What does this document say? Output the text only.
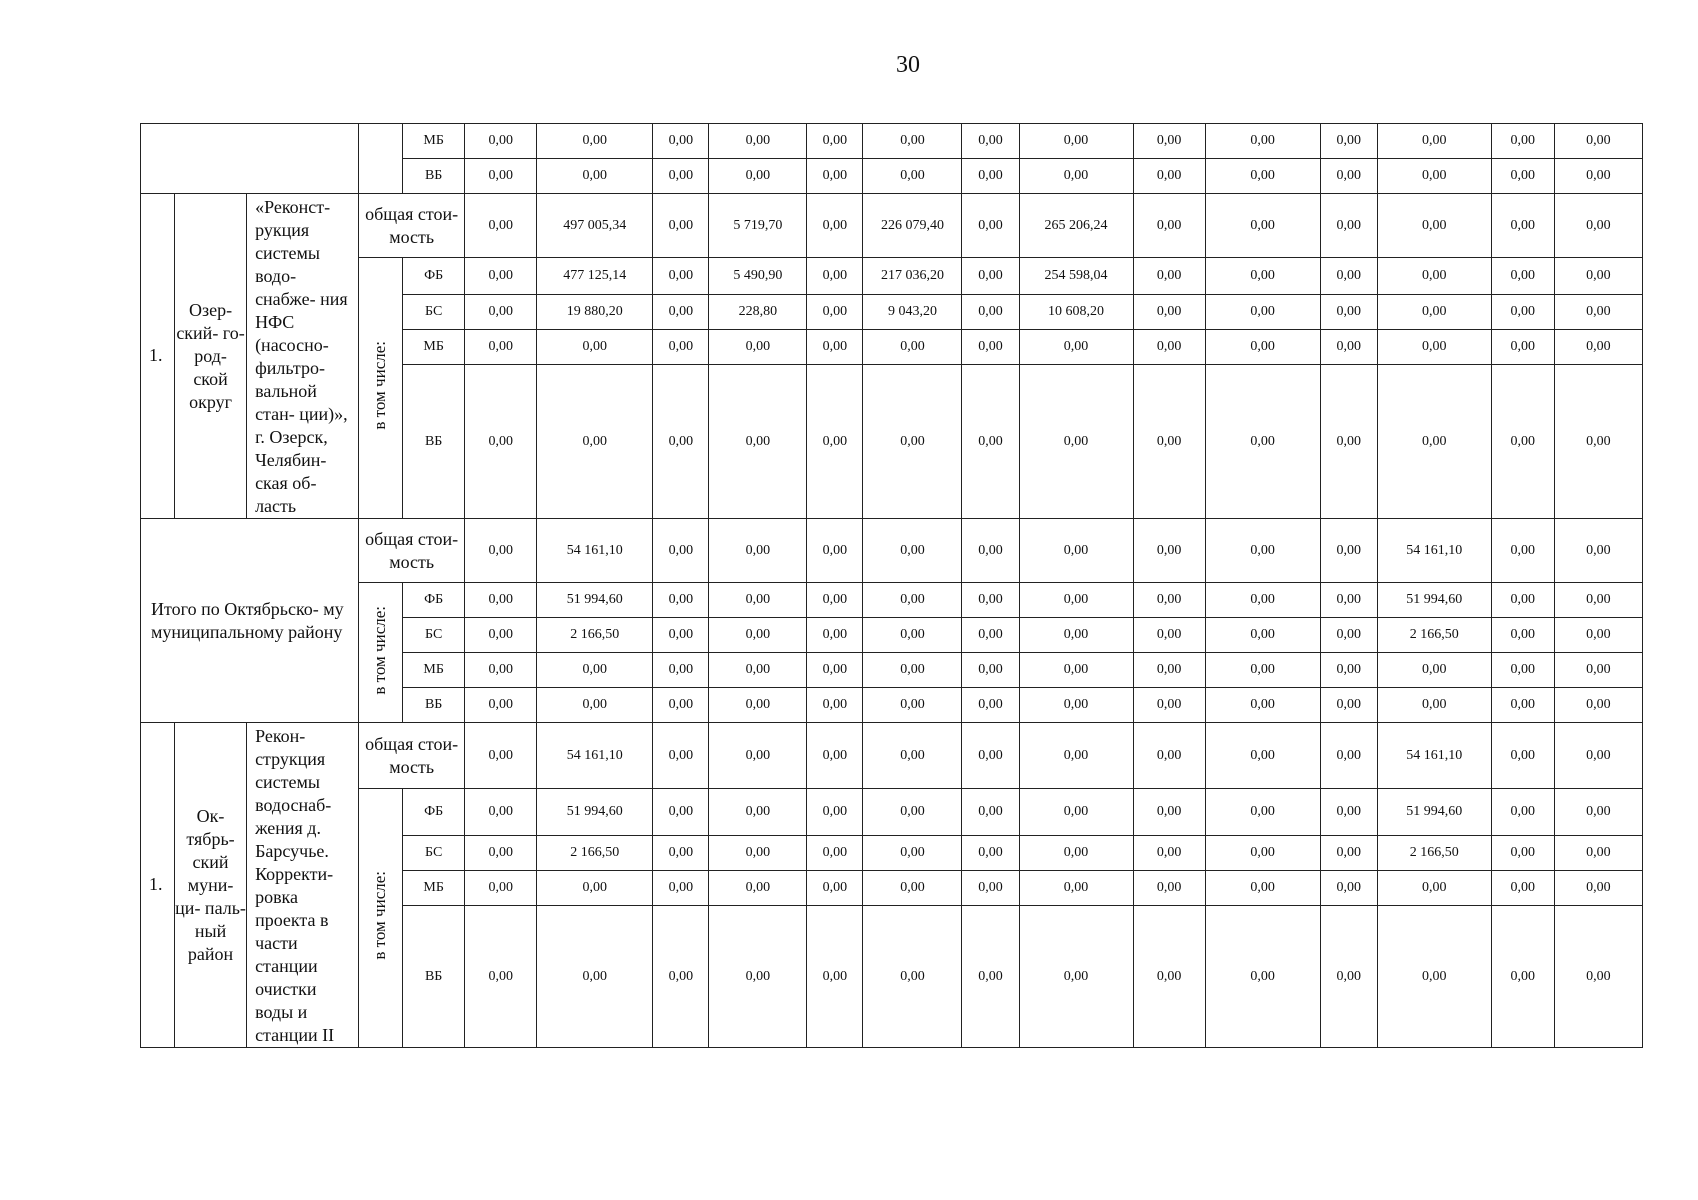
30
				МБ	0,00	0,00	0,00	0,00	0,00	0,00	0,00	0,00	0,00	0,00	0,00	0,00	0,00	0,00
				ВБ	0,00	0,00	0,00	0,00	0,00	0,00	0,00	0,00	0,00	0,00	0,00	0,00	0,00	0,00
1.	Озер- ский- го- род- ской округ	«Реконст- рукция системы водо- снабже- ния НФС (насосно- фильтро- вальной стан- ции)», г. Озерск, Челябин- ская об- ласть	общая стои- мость		0,00	497 005,34	0,00	5 719,70	0,00	226 079,40	0,00	265 206,24	0,00	0,00	0,00	0,00	0,00	0,00
			в том числе:	ФБ	0,00	477 125,14	0,00	5 490,90	0,00	217 036,20	0,00	254 598,04	0,00	0,00	0,00	0,00	0,00	0,00
				БС	0,00	19 880,20	0,00	228,80	0,00	9 043,20	0,00	10 608,20	0,00	0,00	0,00	0,00	0,00	0,00
				МБ	0,00	0,00	0,00	0,00	0,00	0,00	0,00	0,00	0,00	0,00	0,00	0,00	0,00	0,00
				ВБ	0,00	0,00	0,00	0,00	0,00	0,00	0,00	0,00	0,00	0,00	0,00	0,00	0,00	0,00
Итого по Октябрьско- му муниципальному району			общая стои- мость		0,00	54 161,10	0,00	0,00	0,00	0,00	0,00	0,00	0,00	0,00	0,00	54 161,10	0,00	0,00
			в том числе:	ФБ	0,00	51 994,60	0,00	0,00	0,00	0,00	0,00	0,00	0,00	0,00	0,00	51 994,60	0,00	0,00
				БС	0,00	2 166,50	0,00	0,00	0,00	0,00	0,00	0,00	0,00	0,00	0,00	2 166,50	0,00	0,00
				МБ	0,00	0,00	0,00	0,00	0,00	0,00	0,00	0,00	0,00	0,00	0,00	0,00	0,00	0,00
				ВБ	0,00	0,00	0,00	0,00	0,00	0,00	0,00	0,00	0,00	0,00	0,00	0,00	0,00	0,00
1.	Ок- тябрь- ский муни- ци- паль- ный район	Рекон- струкция системы водоснаб- жения д. Барсучье. Корректи- ровка проекта в части станции очистки воды и станции II	общая стои- мость		0,00	54 161,10	0,00	0,00	0,00	0,00	0,00	0,00	0,00	0,00	0,00	54 161,10	0,00	0,00
			в том числе:	ФБ	0,00	51 994,60	0,00	0,00	0,00	0,00	0,00	0,00	0,00	0,00	0,00	51 994,60	0,00	0,00
				БС	0,00	2 166,50	0,00	0,00	0,00	0,00	0,00	0,00	0,00	0,00	0,00	2 166,50	0,00	0,00
				МБ	0,00	0,00	0,00	0,00	0,00	0,00	0,00	0,00	0,00	0,00	0,00	0,00	0,00	0,00
				ВБ	0,00	0,00	0,00	0,00	0,00	0,00	0,00	0,00	0,00	0,00	0,00	0,00	0,00	0,00
